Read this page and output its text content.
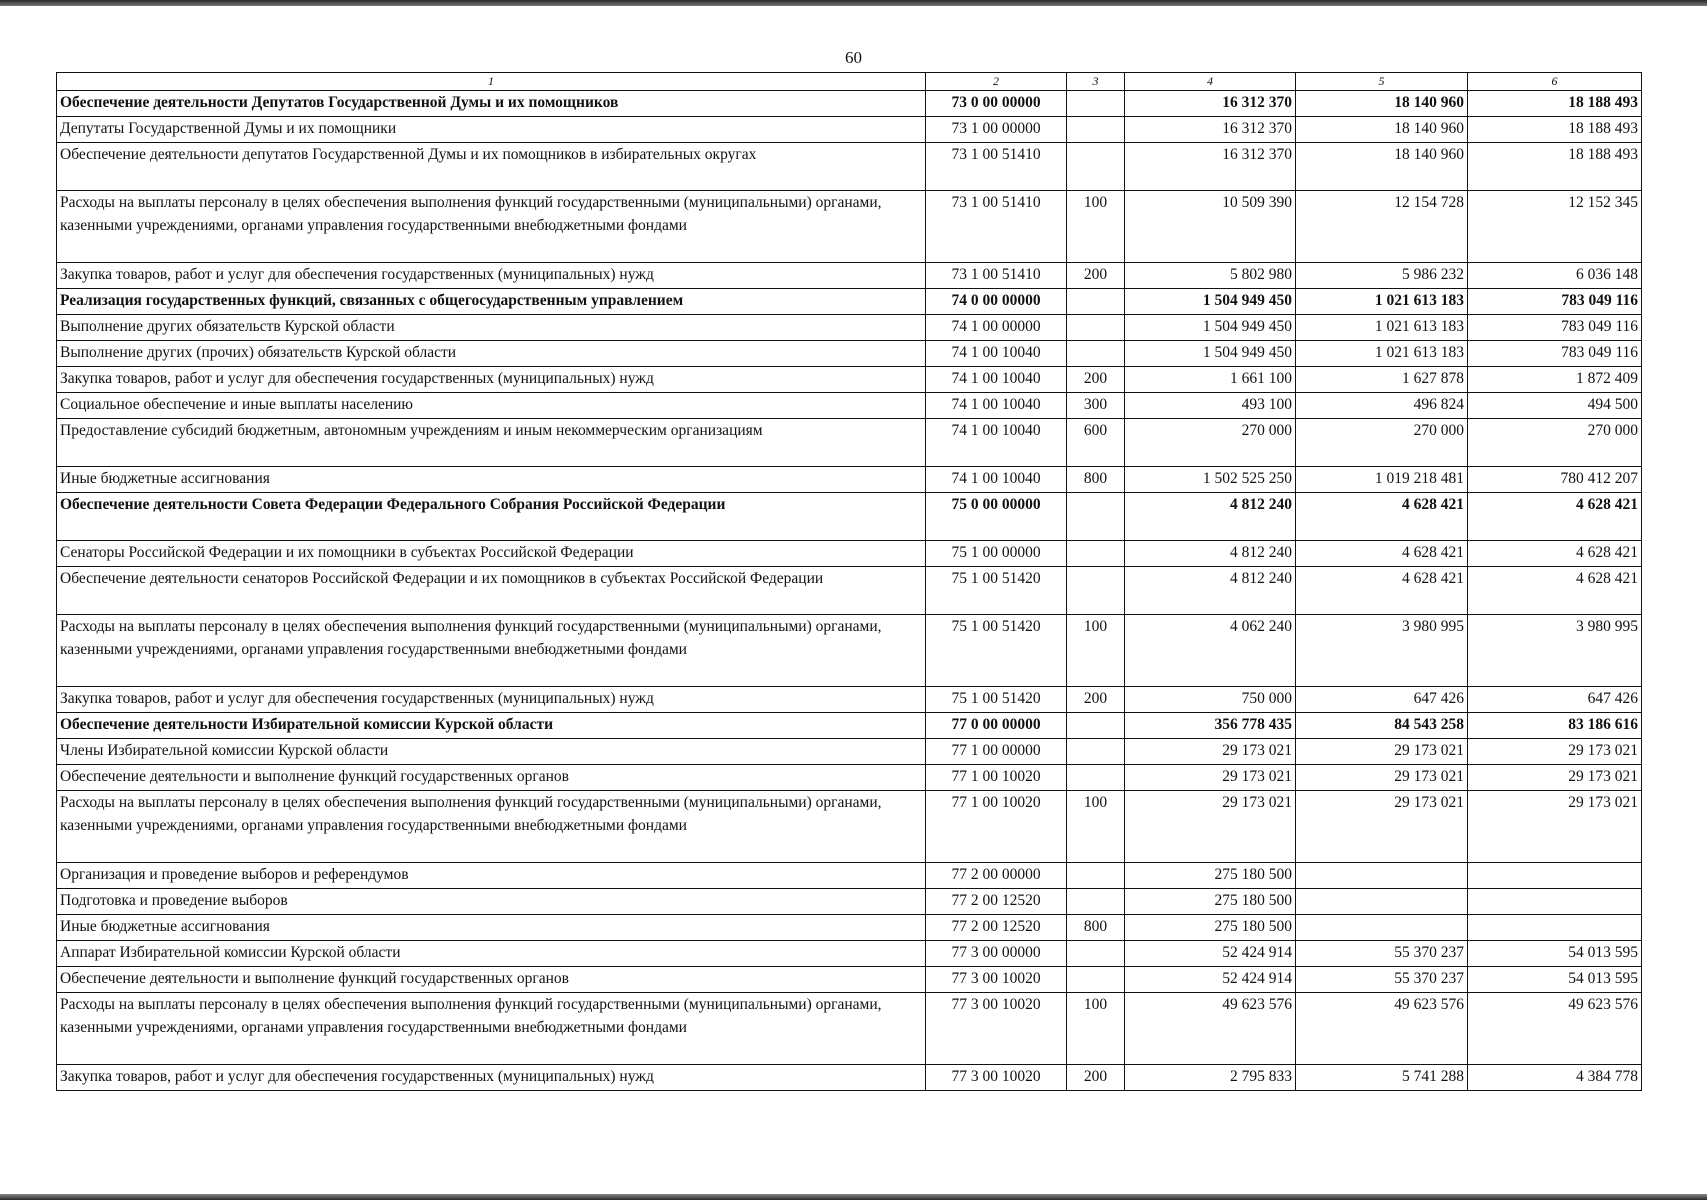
60
1	2	3	4	5	6
Обеспечение деятельности Депутатов Государственной Думы и их помощников	73 0 00 00000		16 312 370	18 140 960	18 188 493
Депутаты Государственной Думы и их помощники	73 1 00 00000		16 312 370	18 140 960	18 188 493
Обеспечение деятельности депутатов Государственной Думы и их помощников в избирательных округах	73 1 00 51410		16 312 370	18 140 960	18 188 493
Расходы на выплаты персоналу в целях обеспечения выполнения функций государственными (муниципальными) органами, казенными учреждениями, органами управления государственными внебюджетными фондами	73 1 00 51410	100	10 509 390	12 154 728	12 152 345
Закупка товаров, работ и услуг для обеспечения государственных (муниципальных) нужд	73 1 00 51410	200	5 802 980	5 986 232	6 036 148
Реализация государственных функций, связанных с общегосударственным управлением	74 0 00 00000		1 504 949 450	1 021 613 183	783 049 116
Выполнение других обязательств Курской области	74 1 00 00000		1 504 949 450	1 021 613 183	783 049 116
Выполнение других (прочих) обязательств Курской области	74 1 00 10040		1 504 949 450	1 021 613 183	783 049 116
Закупка товаров, работ и услуг для обеспечения государственных (муниципальных) нужд	74 1 00 10040	200	1 661 100	1 627 878	1 872 409
Социальное обеспечение и иные выплаты населению	74 1 00 10040	300	493 100	496 824	494 500
Предоставление субсидий бюджетным, автономным учреждениям и иным некоммерческим организациям	74 1 00 10040	600	270 000	270 000	270 000
Иные бюджетные ассигнования	74 1 00 10040	800	1 502 525 250	1 019 218 481	780 412 207
Обеспечение деятельности Совета Федерации Федерального Собрания Российской Федерации	75 0 00 00000		4 812 240	4 628 421	4 628 421
Сенаторы Российской Федерации и их помощники в субъектах Российской Федерации	75 1 00 00000		4 812 240	4 628 421	4 628 421
Обеспечение деятельности сенаторов Российской Федерации и их помощников в субъектах Российской Федерации	75 1 00 51420		4 812 240	4 628 421	4 628 421
Расходы на выплаты персоналу в целях обеспечения выполнения функций государственными (муниципальными) органами, казенными учреждениями, органами управления государственными внебюджетными фондами	75 1 00 51420	100	4 062 240	3 980 995	3 980 995
Закупка товаров, работ и услуг для обеспечения государственных (муниципальных) нужд	75 1 00 51420	200	750 000	647 426	647 426
Обеспечение деятельности Избирательной комиссии Курской области	77 0 00 00000		356 778 435	84 543 258	83 186 616
Члены Избирательной комиссии Курской области	77 1 00 00000		29 173 021	29 173 021	29 173 021
Обеспечение деятельности и выполнение функций государственных органов	77 1 00 10020		29 173 021	29 173 021	29 173 021
Расходы на выплаты персоналу в целях обеспечения выполнения функций государственными (муниципальными) органами, казенными учреждениями, органами управления государственными внебюджетными фондами	77 1 00 10020	100	29 173 021	29 173 021	29 173 021
Организация и проведение выборов и референдумов	77 2 00 00000		275 180 500		
Подготовка и проведение выборов	77 2 00 12520		275 180 500		
Иные бюджетные ассигнования	77 2 00 12520	800	275 180 500		
Аппарат Избирательной комиссии Курской области	77 3 00 00000		52 424 914	55 370 237	54 013 595
Обеспечение деятельности и выполнение функций государственных органов	77 3 00 10020		52 424 914	55 370 237	54 013 595
Расходы на выплаты персоналу в целях обеспечения выполнения функций государственными (муниципальными) органами, казенными учреждениями, органами управления государственными внебюджетными фондами	77 3 00 10020	100	49 623 576	49 623 576	49 623 576
Закупка товаров, работ и услуг для обеспечения государственных (муниципальных) нужд	77 3 00 10020	200	2 795 833	5 741 288	4 384 778
